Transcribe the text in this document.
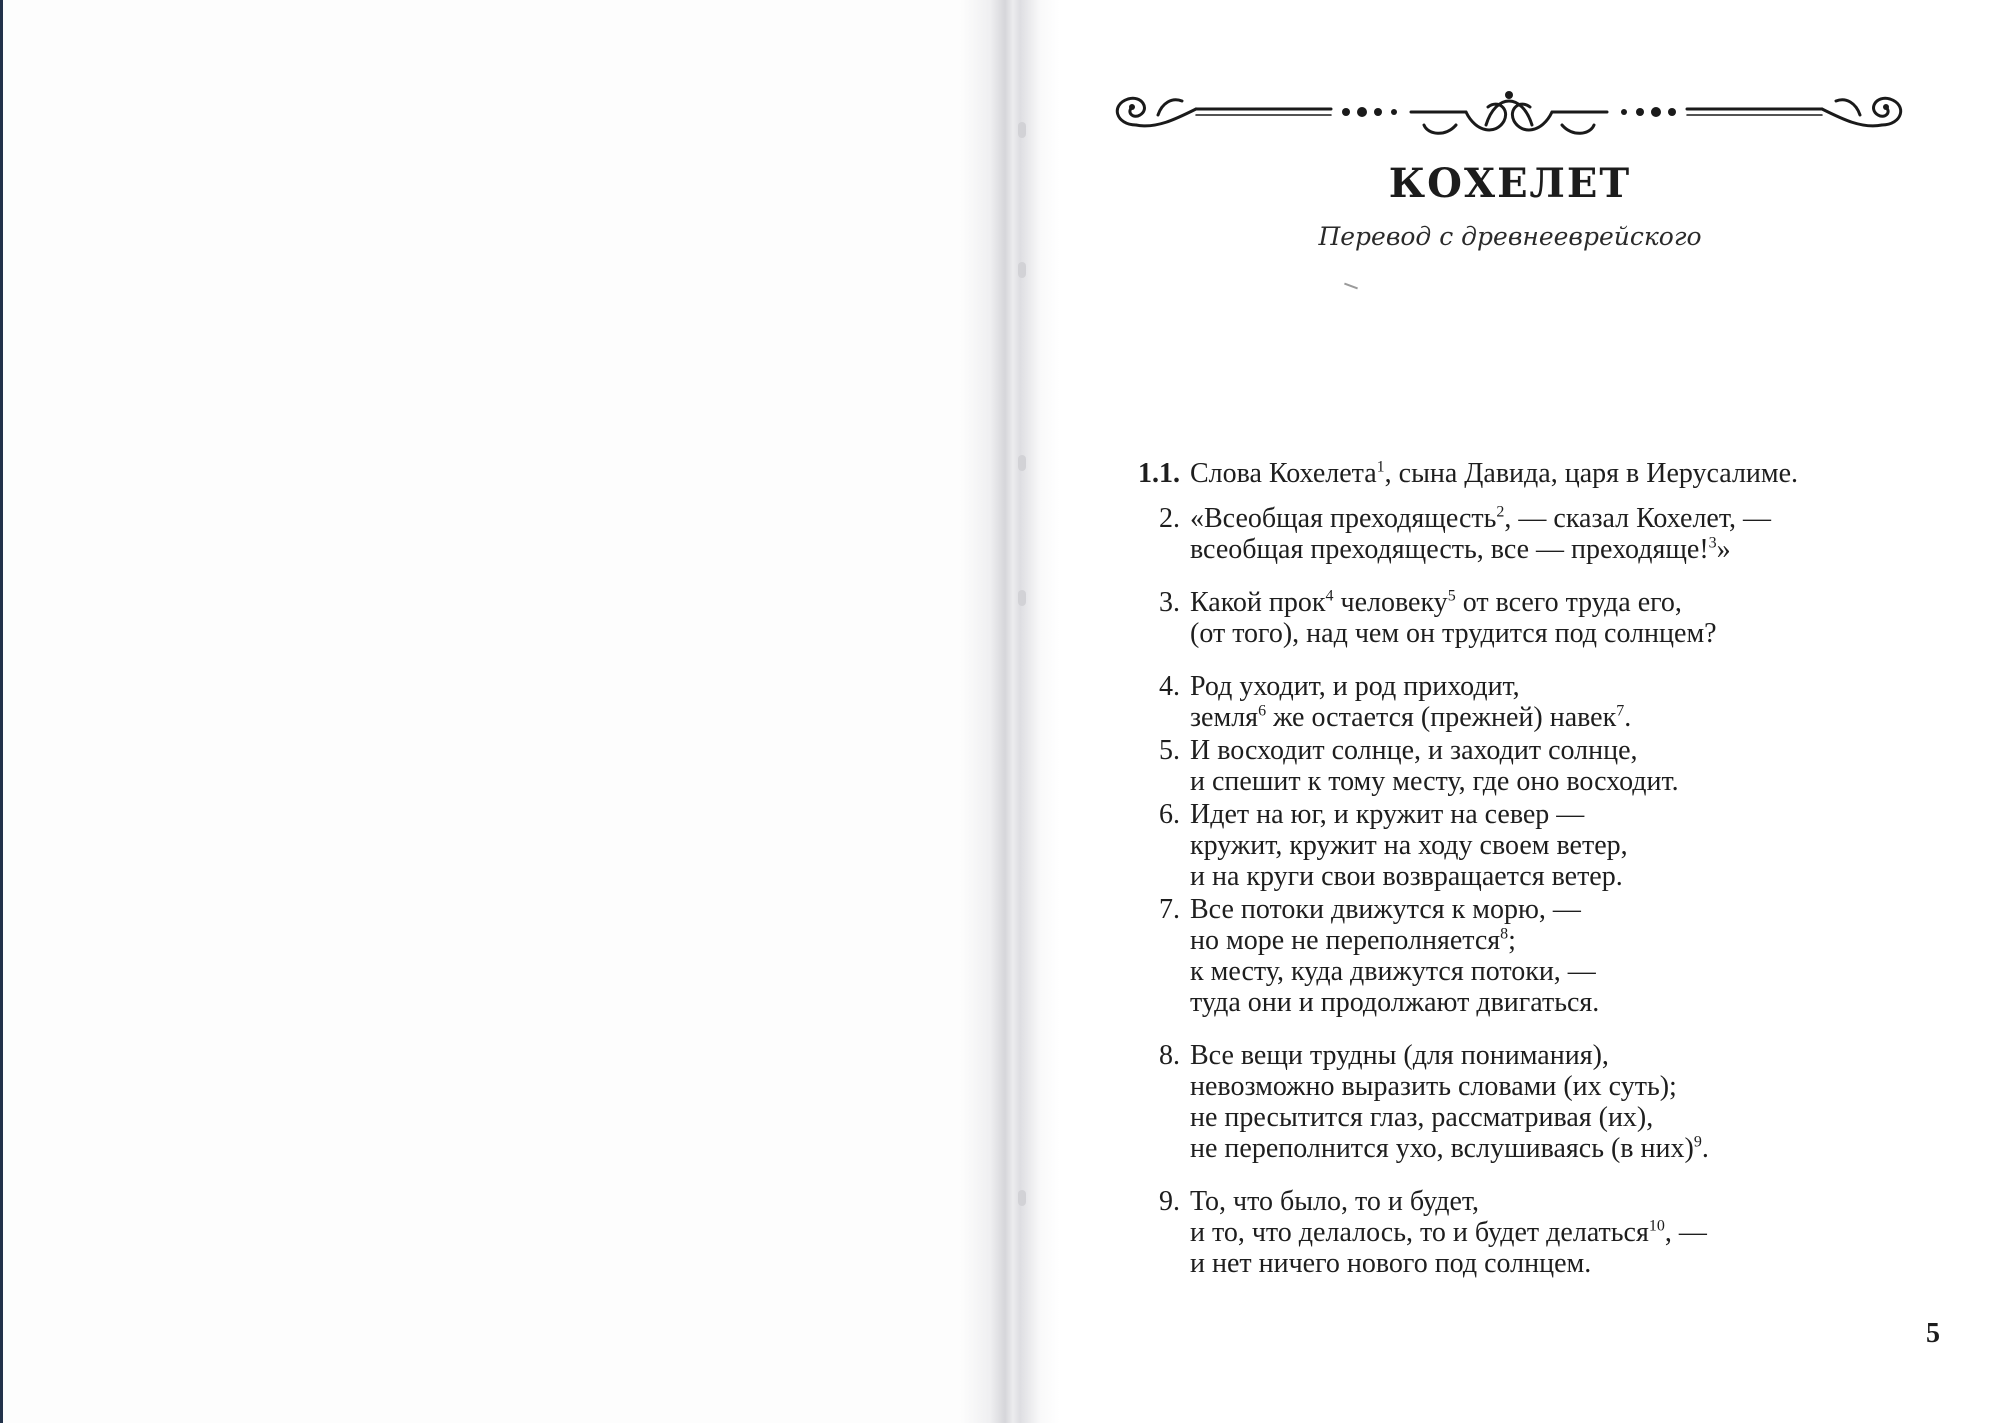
КОХЕЛЕТ
Перевод с древнееврейского
1.1. Слова Кохелета$^1$, сына Давида, царя в Иерусалиме.
2. «Всеобщая преходящесть$^2$, — сказал Кохелет, —
всеобщая преходящесть, все — преходяще!$^3$»
3. Какой прок$^4$ человеку$^5$ от всего труда его,
(от того), над чем он трудится под солнцем?
4. Род уходит, и род приходит,
земля$^6$ же остается (прежней) навек$^7$.
5. И восходит солнце, и заходит солнце,
и спешит к тому месту, где оно восходит.
6. Идет на юг, и кружит на север —
кружит, кружит на ходу своем ветер,
и на круги свои возвращается ветер.
7. Все потоки движутся к морю, —
но море не переполняется$^8$;
к месту, куда движутся потоки, —
туда они и продолжают двигаться.
8. Все вещи трудны (для понимания),
невозможно выразить словами (их суть);
не пресытится глаз, рассматривая (их),
не переполнится ухо, вслушиваясь (в них)$^9$.
9. То, что было, то и будет,
и то, что делалось, то и будет делаться$^{10}$, —
и нет ничего нового под солнцем.
5
